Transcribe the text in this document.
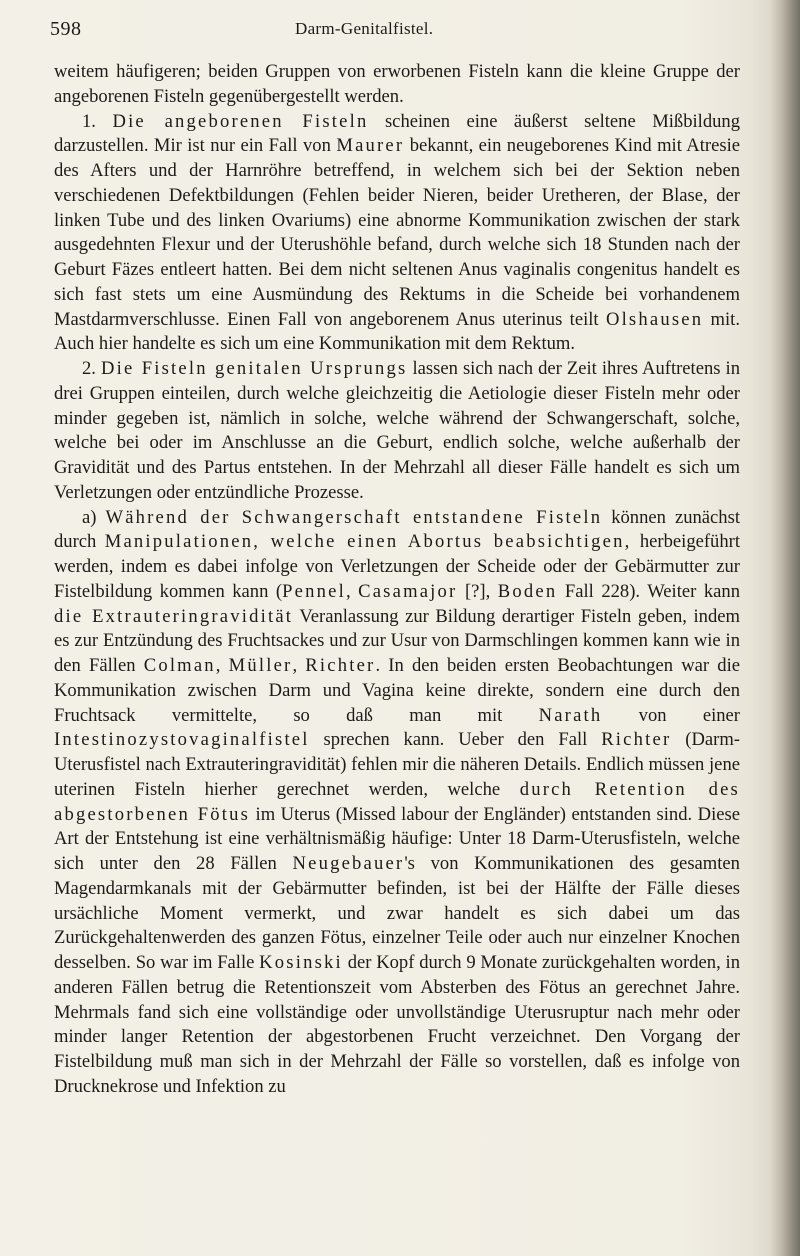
598	Darm-Genitalfistel.

weitem häufigeren; beiden Gruppen von erworbenen Fisteln kann die kleine Gruppe der angeborenen Fisteln gegenübergestellt werden.

1. Die angeborenen Fisteln scheinen eine äußerst seltene Mißbildung darzustellen. Mir ist nur ein Fall von Maurer bekannt, ein neugeborenes Kind mit Atresie des Afters und der Harnröhre betreffend, in welchem sich bei der Sektion neben verschiedenen Defektbildungen (Fehlen beider Nieren, beider Uretheren, der Blase, der linken Tube und des linken Ovariums) eine abnorme Kommunikation zwischen der stark ausgedehnten Flexur und der Uterushöhle befand, durch welche sich 18 Stunden nach der Geburt Fäzes entleert hatten. Bei dem nicht seltenen Anus vaginalis congenitus handelt es sich fast stets um eine Ausmündung des Rektums in die Scheide bei vorhandenem Mastdarmverschlusse. Einen Fall von angeborenem Anus uterinus teilt Olshausen mit. Auch hier handelte es sich um eine Kommunikation mit dem Rektum.

2. Die Fisteln genitalen Ursprungs lassen sich nach der Zeit ihres Auftretens in drei Gruppen einteilen, durch welche gleichzeitig die Aetiologie dieser Fisteln mehr oder minder gegeben ist, nämlich in solche, welche während der Schwangerschaft, solche, welche bei oder im Anschlusse an die Geburt, endlich solche, welche außerhalb der Gravidität und des Partus entstehen. In der Mehrzahl all dieser Fälle handelt es sich um Verletzungen oder entzündliche Prozesse.

a) Während der Schwangerschaft entstandene Fisteln können zunächst durch Manipulationen, welche einen Abortus beabsichtigen, herbeigeführt werden, indem es dabei infolge von Verletzungen der Scheide oder der Gebärmutter zur Fistelbildung kommen kann (Pennel, Casamajor [?], Boden Fall 228). Weiter kann die Extrauteringravidität Veranlassung zur Bildung derartiger Fisteln geben, indem es zur Entzündung des Fruchtsackes und zur Usur von Darmschlingen kommen kann wie in den Fällen Colman, Müller, Richter. In den beiden ersten Beobachtungen war die Kommunikation zwischen Darm und Vagina keine direkte, sondern eine durch den Fruchtsack vermittelte, so daß man mit Narath von einer Intestinozystovaginalfistel sprechen kann. Ueber den Fall Richter (Darm-Uterusfistel nach Extrauteringravidität) fehlen mir die näheren Details. Endlich müssen jene uterinen Fisteln hierher gerechnet werden, welche durch Retention des abgestorbenen Fötus im Uterus (Missed labour der Engländer) entstanden sind. Diese Art der Entstehung ist eine verhältnismäßig häufige: Unter 18 Darm-Uterusfisteln, welche sich unter den 28 Fällen Neugebauer's von Kommunikationen des gesamten Magendarmkanals mit der Gebärmutter befinden, ist bei der Hälfte der Fälle dieses ursächliche Moment vermerkt, und zwar handelt es sich dabei um das Zurückgehaltenwerden des ganzen Fötus, einzelner Teile oder auch nur einzelner Knochen desselben. So war im Falle Kosinski der Kopf durch 9 Monate zurückgehalten worden, in anderen Fällen betrug die Retentionszeit vom Absterben des Fötus an gerechnet Jahre. Mehrmals fand sich eine vollständige oder unvollständige Uterusruptur nach mehr oder minder langer Retention der abgestorbenen Frucht verzeichnet. Den Vorgang der Fistelbildung muß man sich in der Mehrzahl der Fälle so vorstellen, daß es infolge von Drucknekrose und Infektion zu
